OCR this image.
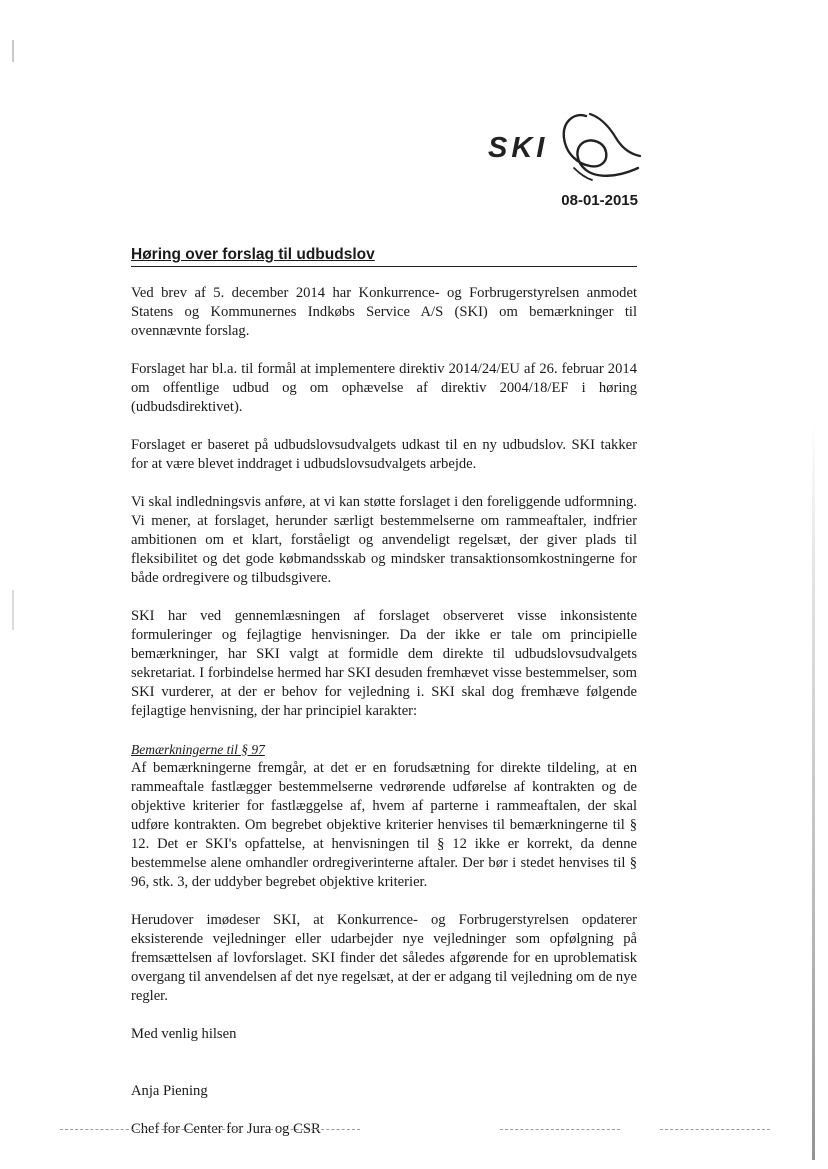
SKI
08-01-2015
Høring over forslag til udbudslov

Ved brev af 5. december 2014 har Konkurrence- og Forbrugerstyrelsen anmodet Statens og Kommunernes Indkøbs Service A/S (SKI) om bemærkninger til ovennævnte forslag.

Forslaget har bl.a. til formål at implementere direktiv 2014/24/EU af 26. februar 2014 om offentlige udbud og om ophævelse af direktiv 2004/18/EF i høring (udbudsdirektivet).

Forslaget er baseret på udbudslovsudvalgets udkast til en ny udbudslov. SKI takker for at være blevet inddraget i udbudslovsudvalgets arbejde.

Vi skal indledningsvis anføre, at vi kan støtte forslaget i den foreliggende udformning. Vi mener, at forslaget, herunder særligt bestemmelserne om rammeaftaler, indfrier ambitionen om et klart, forståeligt og anvendeligt regelsæt, der giver plads til fleksibilitet og det gode købmandsskab og mindsker transaktionsomkostningerne for både ordregivere og tilbudsgivere.

SKI har ved gennemlæsningen af forslaget observeret visse inkonsistente formuleringer og fejlagtige henvisninger. Da der ikke er tale om principielle bemærkninger, har SKI valgt at formidle dem direkte til udbudslovsudvalgets sekretariat. I forbindelse hermed har SKI desuden fremhævet visse bestemmelser, som SKI vurderer, at der er behov for vejledning i. SKI skal dog fremhæve følgende fejlagtige henvisning, der har principiel karakter:

Bemærkningerne til § 97
Af bemærkningerne fremgår, at det er en forudsætning for direkte tildeling, at en rammeaftale fastlægger bestemmelserne vedrørende udførelse af kontrakten og de objektive kriterier for fastlæggelse af, hvem af parterne i rammeaftalen, der skal udføre kontrakten. Om begrebet objektive kriterier henvises til bemærkningerne til § 12. Det er SKI's opfattelse, at henvisningen til § 12 ikke er korrekt, da denne bestemmelse alene omhandler ordregiverinterne aftaler. Der bør i stedet henvises til § 96, stk. 3, der uddyber begrebet objektive kriterier.

Herudover imødeser SKI, at Konkurrence- og Forbrugerstyrelsen opdaterer eksisterende vejledninger eller udarbejder nye vejledninger som opfølgning på fremsættelsen af lovforslaget. SKI finder det således afgørende for en uproblematisk overgang til anvendelsen af det nye regelsæt, at der er adgang til vejledning om de nye regler.

Med venlig hilsen

Anja Piening

Chef for Center for Jura og CSR
